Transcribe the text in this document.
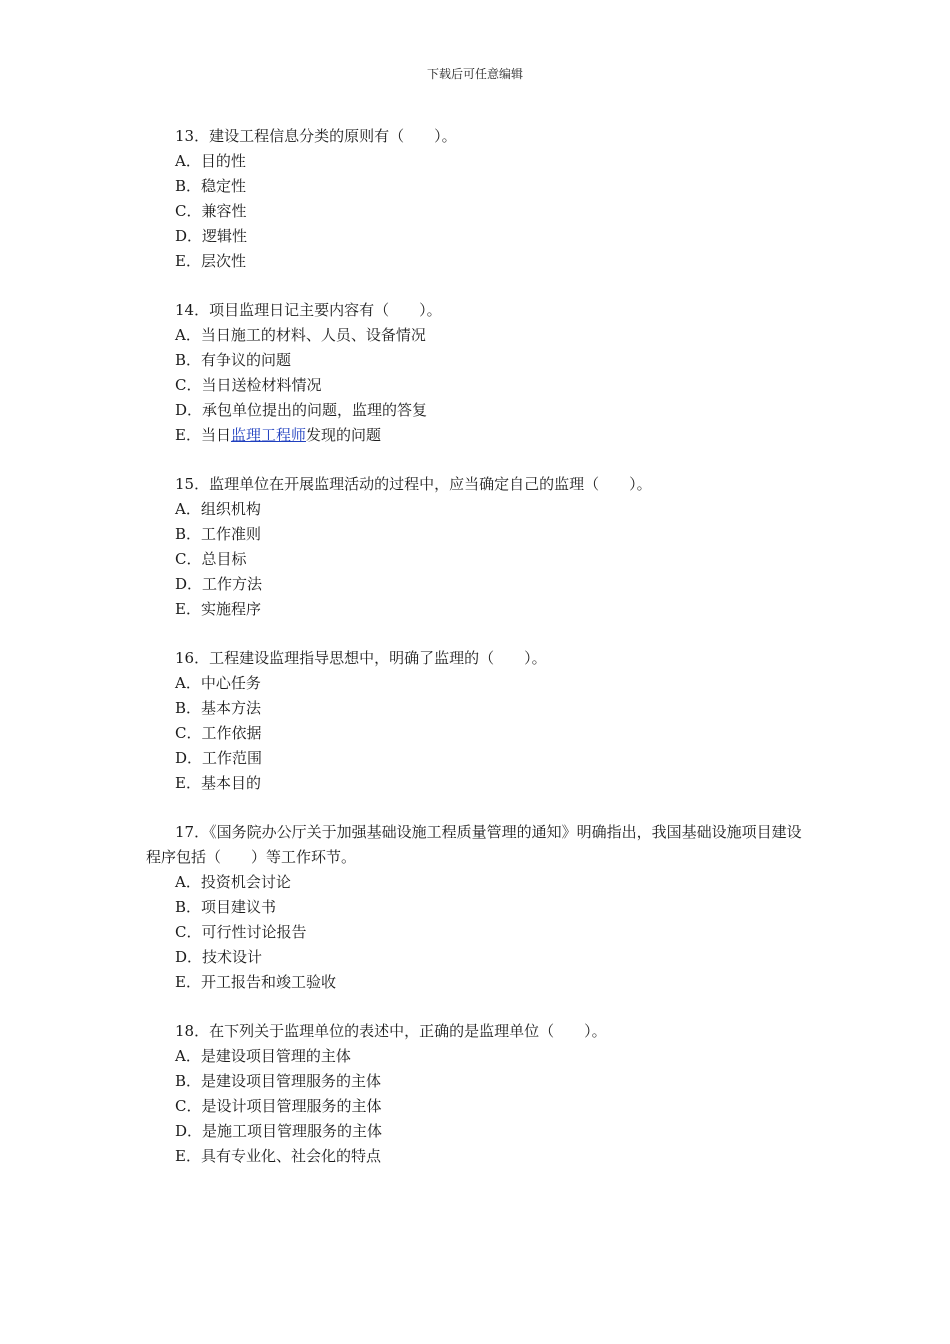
下载后可任意编辑
13．建设工程信息分类的原则有（　　）。
A．目的性
B．稳定性
C．兼容性
D．逻辑性
E．层次性
14．项目监理日记主要内容有（　　）。
A．当日施工的材料、人员、设备情况
B．有争议的问题
C．当日送检材料情况
D．承包单位提出的问题，监理的答复
E．当日监理工程师发现的问题
15．监理单位在开展监理活动的过程中，应当确定自己的监理（　　）。
A．组织机构
B．工作准则
C．总目标
D．工作方法
E．实施程序
16．工程建设监理指导思想中，明确了监理的（　　）。
A．中心任务
B．基本方法
C．工作依据
D．工作范围
E．基本目的
17．《国务院办公厅关于加强基础设施工程质量管理的通知》明确指出，我国基础设施项目建设程序包括（　　）等工作环节。
A．投资机会讨论
B．项目建议书
C．可行性讨论报告
D．技术设计
E．开工报告和竣工验收
18．在下列关于监理单位的表述中，正确的是监理单位（　　）。
A．是建设项目管理的主体
B．是建设项目管理服务的主体
C．是设计项目管理服务的主体
D．是施工项目管理服务的主体
E．具有专业化、社会化的特点
